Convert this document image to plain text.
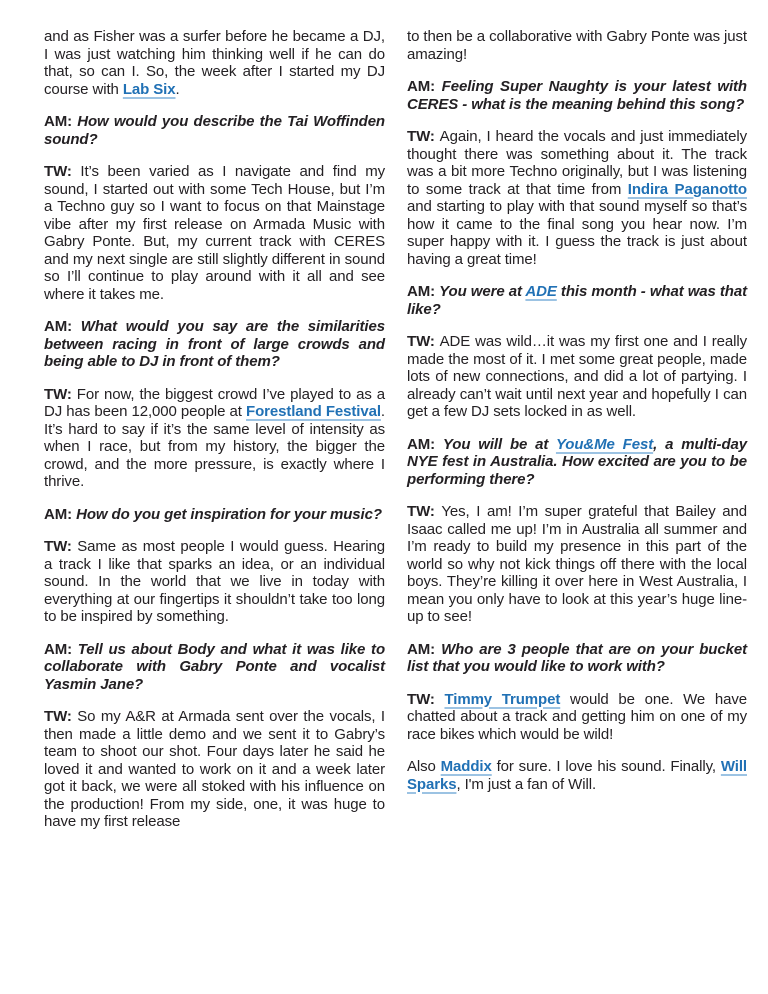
and as Fisher was a surfer before he became a DJ, I was just watching him thinking well if he can do that, so can I. So, the week after I started my DJ course with Lab Six.

AM: How would you describe the Tai Woffinden sound?

TW: It’s been varied as I navigate and find my sound, I started out with some Tech House, but I’m a Techno guy so I want to focus on that Mainstage vibe after my first release on Armada Music with Gabry Ponte. But, my current track with CERES and my next single are still slightly different in sound so I’ll continue to play around with it all and see where it takes me.

AM: What would you say are the similarities between racing in front of large crowds and being able to DJ in front of them?

TW: For now, the biggest crowd I’ve played to as a DJ has been 12,000 people at Forestland Festival. It’s hard to say if it’s the same level of intensity as when I race, but from my history, the bigger the crowd, and the more pressure, is exactly where I thrive.

AM: How do you get inspiration for your music?

TW: Same as most people I would guess. Hearing a track I like that sparks an idea, or an individual sound. In the world that we live in today with everything at our fingertips it shouldn’t take too long to be inspired by something.

AM: Tell us about Body and what it was like to collaborate with Gabry Ponte and vocalist Yasmin Jane?

TW: So my A&R at Armada sent over the vocals, I then made a little demo and we sent it to Gabry’s team to shoot our shot. Four days later he said he loved it and wanted to work on it and a week later got it back, we were all stoked with his influence on the production! From my side, one, it was huge to have my first release

to then be a collaborative with Gabry Ponte was just amazing!

AM: Feeling Super Naughty is your latest with CERES - what is the meaning behind this song?

TW: Again, I heard the vocals and just immediately thought there was something about it. The track was a bit more Techno originally, but I was listening to some track at that time from Indira Paganotto and starting to play with that sound myself so that’s how it came to the final song you hear now. I’m super happy with it. I guess the track is just about having a great time!

AM: You were at ADE this month - what was that like?

TW: ADE was wild…it was my first one and I really made the most of it. I met some great people, made lots of new connections, and did a lot of partying. I already can’t wait until next year and hopefully I can get a few DJ sets locked in as well.

AM: You will be at You&Me Fest, a multi-day NYE fest in Australia. How excited are you to be performing there?

TW: Yes, I am! I’m super grateful that Bailey and Isaac called me up! I’m in Australia all summer and I’m ready to build my presence in this part of the world so why not kick things off there with the local boys. They’re killing it over here in West Australia, I mean you only have to look at this year’s huge line-up to see!

AM: Who are 3 people that are on your bucket list that you would like to work with?

TW: Timmy Trumpet would be one. We have chatted about a track and getting him on one of my race bikes which would be wild!

Also Maddix for sure. I love his sound. Finally, Will Sparks, I'm just a fan of Will.
